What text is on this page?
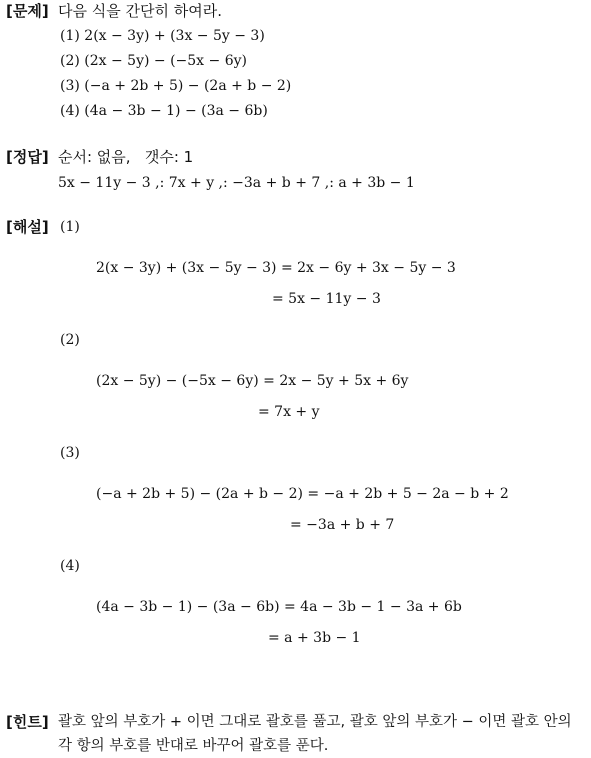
[문제] 다음 식을 간단히 하여라.
(1) 2(x − 3y) + (3x − 5y − 3)
(2) (2x − 5y) − (−5x − 6y)
(3) (−a + 2b + 5) − (2a + b − 2)
(4) (4a − 3b − 1) − (3a − 6b)
[정답] 순서: 없음,   갯수: 1
5x − 11y − 3 ,: 7x + y ,: −3a + b + 7 ,: a + 3b − 1
[해설] (1)
2(x − 3y) + (3x − 5y − 3) = 2x − 6y + 3x − 5y − 3
= 5x − 11y − 3
(2)
(2x − 5y) − (−5x − 6y) = 2x − 5y + 5x + 6y
= 7x + y
(3)
(−a + 2b + 5) − (2a + b − 2) = −a + 2b + 5 − 2a − b + 2
= −3a + b + 7
(4)
(4a − 3b − 1) − (3a − 6b) = 4a − 3b − 1 − 3a + 6b
= a + 3b − 1
[힌트] 괄호 앞의 부호가 + 이면 그대로 괄호를 풀고, 괄호 앞의 부호가 − 이면 괄호 안의 각 항의 부호를 반대로 바꾸어 괄호를 푼다.
